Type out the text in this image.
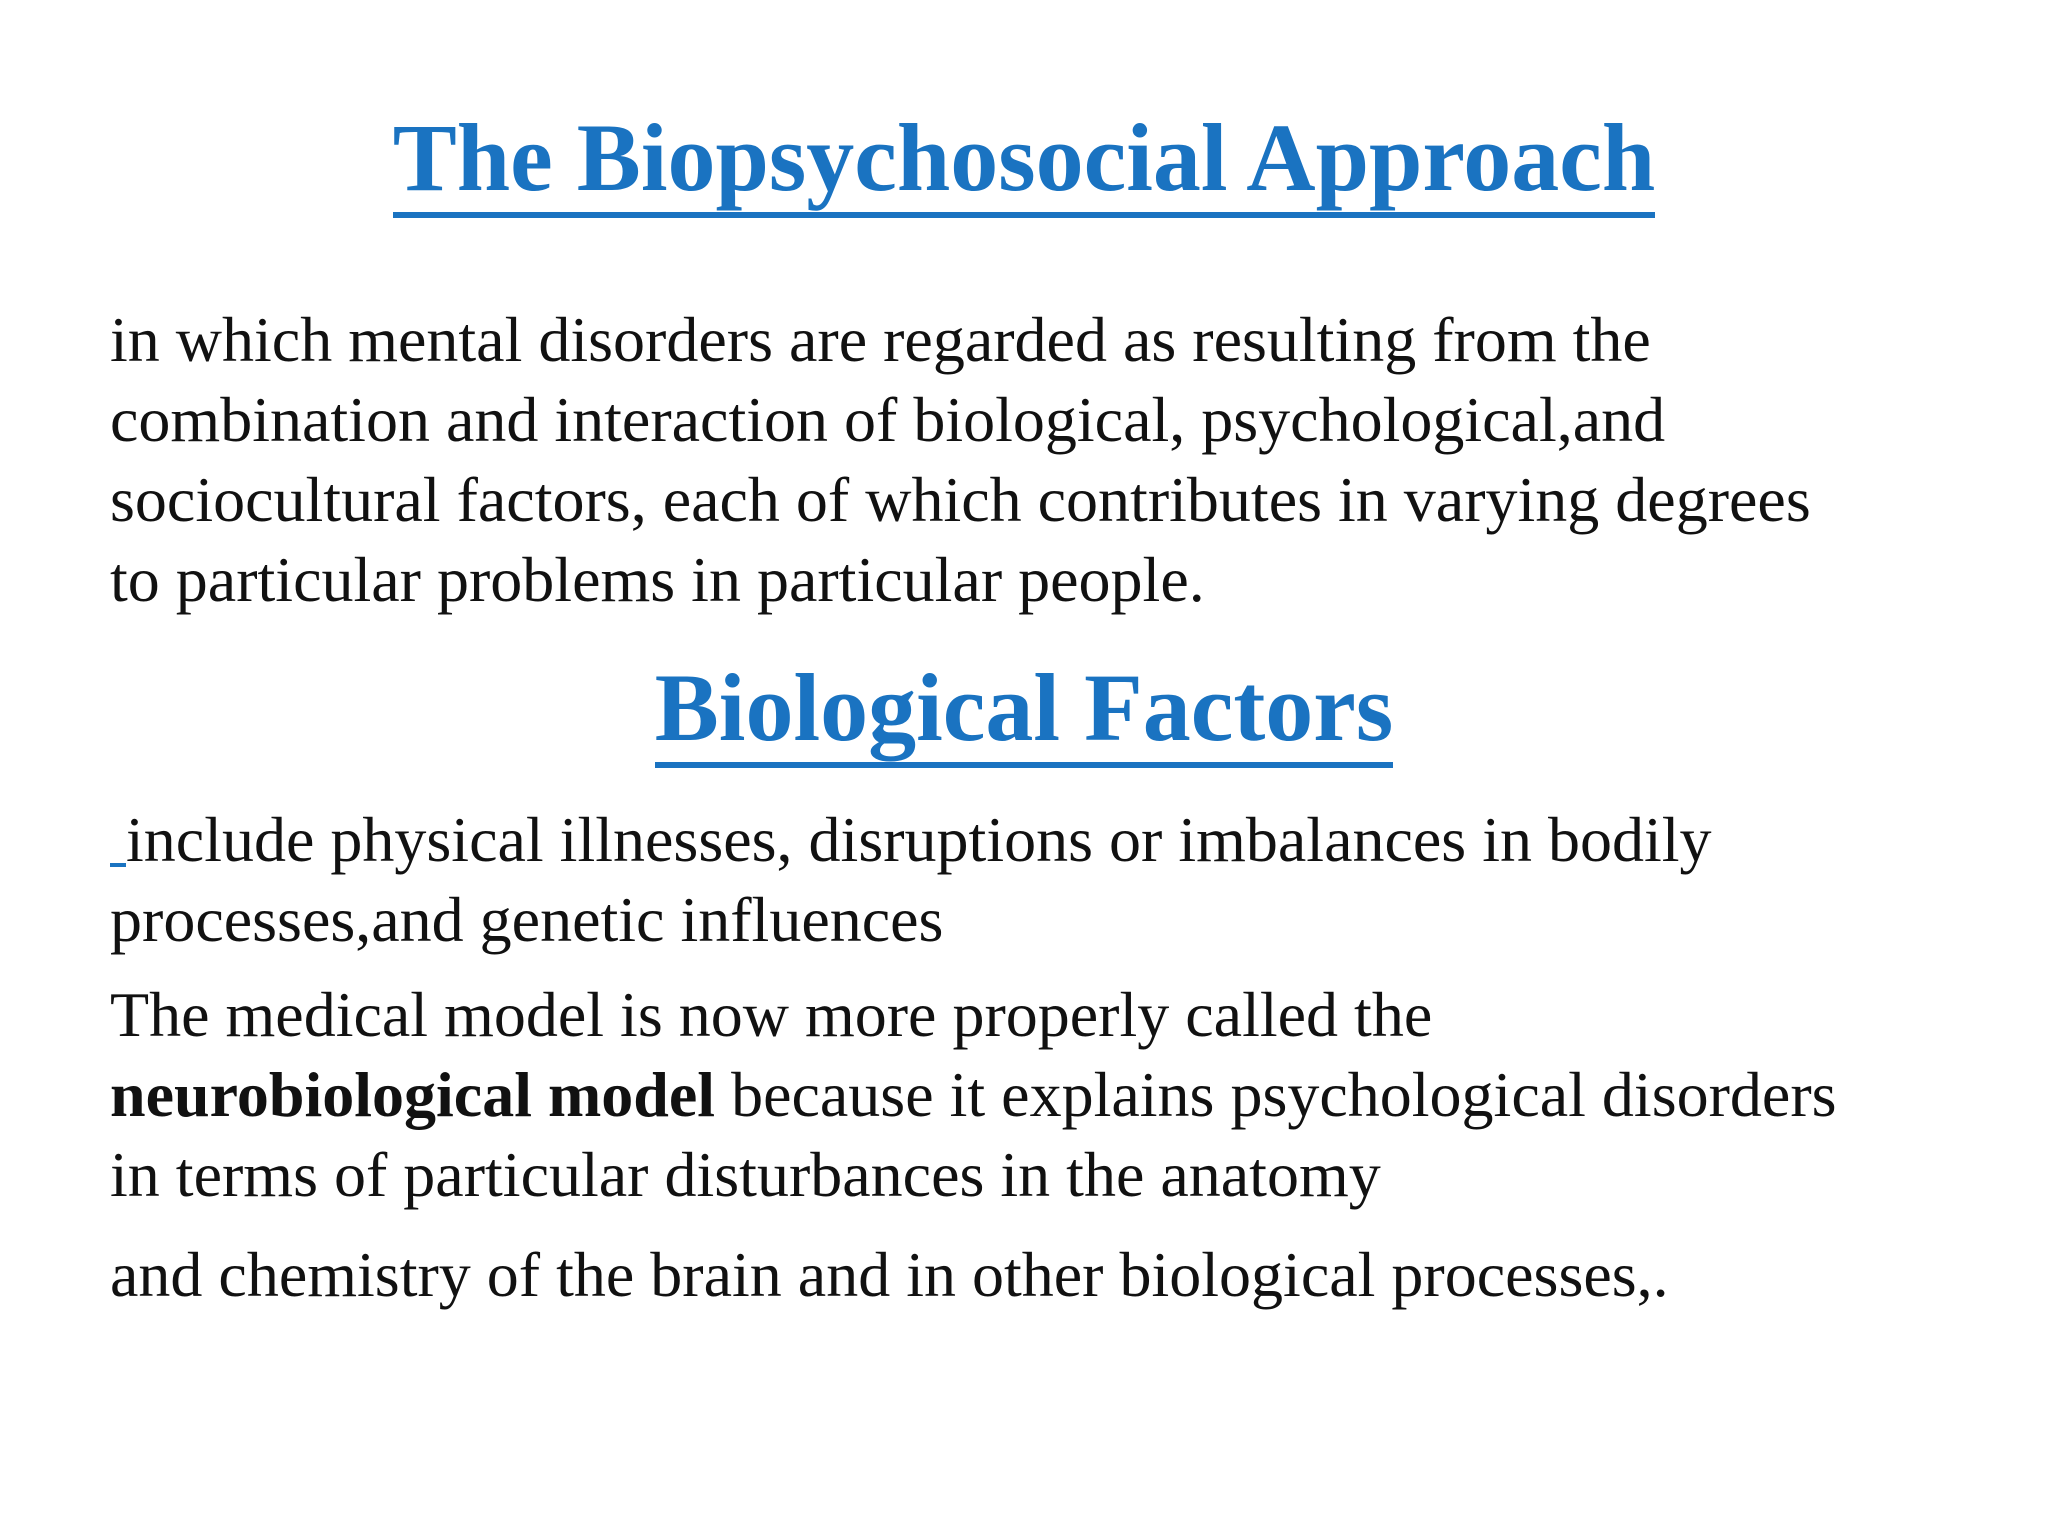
The Biopsychosocial Approach

in which mental disorders are regarded as resulting from the
combination and interaction of biological, psychological,and
sociocultural factors, each of which contributes in varying degrees
to particular problems in particular people.

Biological Factors

include physical illnesses, disruptions or imbalances in bodily
processes,and genetic influences

The medical model is now more properly called the
neurobiological model because it explains psychological disorders
in terms of particular disturbances in the anatomy

and chemistry of the brain and in other biological processes,.
